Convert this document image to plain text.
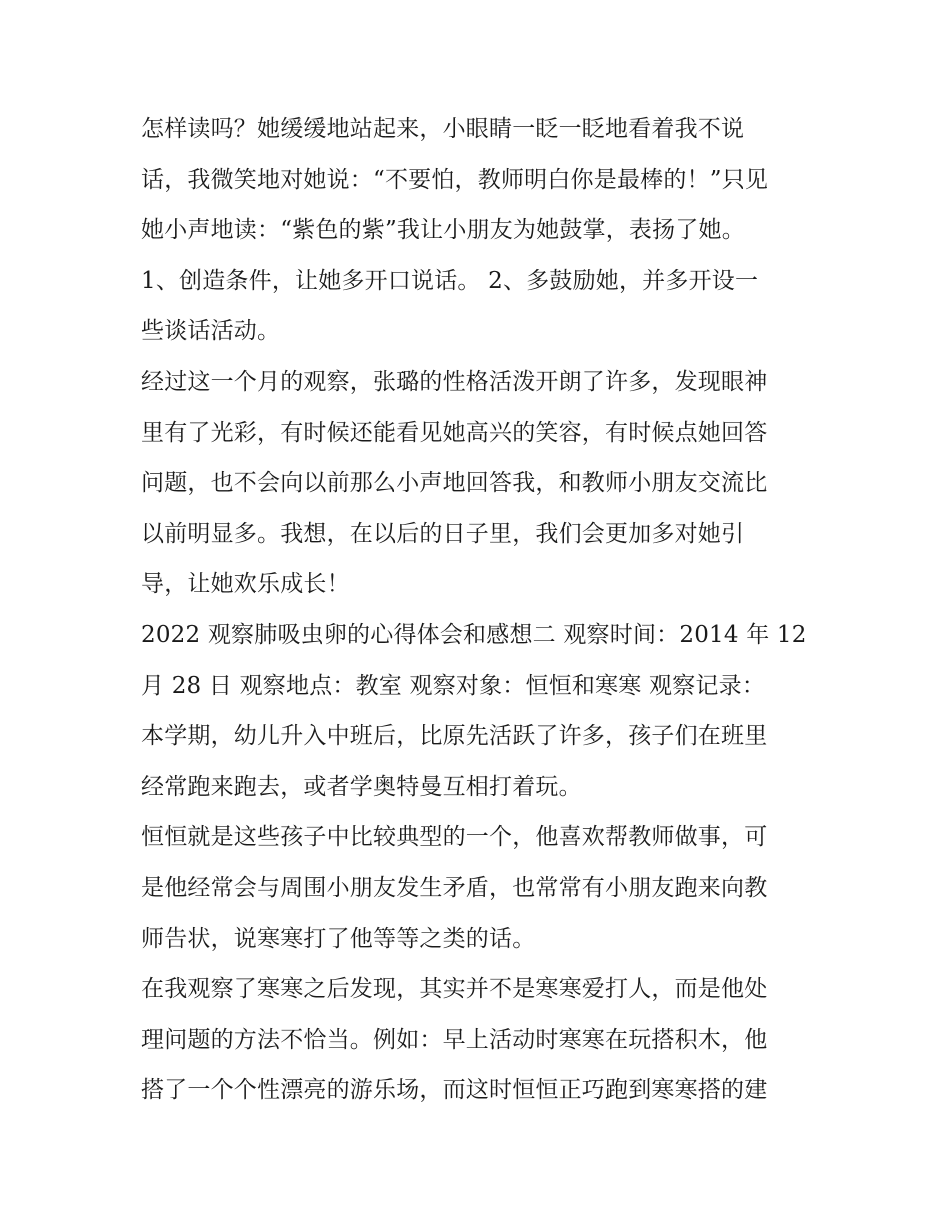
怎样读吗？她缓缓地站起来，小眼睛一眨一眨地看着我不说
话，我微笑地对她说：“不要怕，教师明白你是最棒的！”只见
她小声地读：“紫色的紫”我让小朋友为她鼓掌，表扬了她。
1、创造条件，让她多开口说话。 2、多鼓励她，并多开设一
些谈话活动。
经过这一个月的观察，张璐的性格活泼开朗了许多，发现眼神
里有了光彩，有时候还能看见她高兴的笑容，有时候点她回答
问题，也不会向以前那么小声地回答我，和教师小朋友交流比
以前明显多。我想，在以后的日子里，我们会更加多对她引
导，让她欢乐成长！
2022 观察肺吸虫卵的心得体会和感想二 观察时间：2014 年 12
月 28 日 观察地点：教室 观察对象：恒恒和寒寒 观察记录：
本学期，幼儿升入中班后，比原先活跃了许多，孩子们在班里
经常跑来跑去，或者学奥特曼互相打着玩。
恒恒就是这些孩子中比较典型的一个，他喜欢帮教师做事，可
是他经常会与周围小朋友发生矛盾，也常常有小朋友跑来向教
师告状，说寒寒打了他等等之类的话。
在我观察了寒寒之后发现，其实并不是寒寒爱打人，而是他处
理问题的方法不恰当。例如：早上活动时寒寒在玩搭积木，他
搭了一个个性漂亮的游乐场，而这时恒恒正巧跑到寒寒搭的建
